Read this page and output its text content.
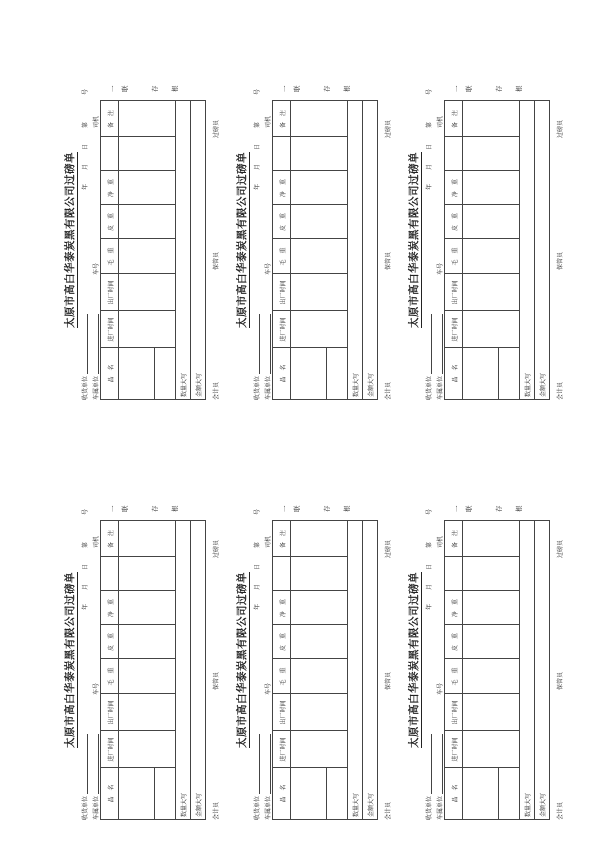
太原市高白华泰炭黑有限公司过磅单
收货单位
年
月
日
第
号
车属单位
车号
司机
品　名
进厂时间
出厂时间
毛　重
皮　重
净　重
备　注
数量大写	金额大写	会计员
保管员
过磅员
一 联	存 根
太原市高白华泰炭黑有限公司过磅单
收货单位
年
月
日
第
号
车属单位
车号
司机
品　名
进厂时间
出厂时间
毛　重
皮　重
净　重
备　注
数量大写	金额大写	会计员
保管员
过磅员
一 联	存 根
太原市高白华泰炭黑有限公司过磅单
收货单位
年
月
日
第
号
车属单位
车号
司机
品　名
进厂时间
出厂时间
毛　重
皮　重
净　重
备　注
数量大写	金额大写	会计员
保管员
过磅员
一 联	存 根
太原市高白华泰炭黑有限公司过磅单
收货单位
年
月
日
第
号
车属单位
车号
司机
品　名
进厂时间
出厂时间
毛　重
皮　重
净　重
备　注
数量大写	金额大写	会计员
保管员
过磅员
一 联	存 根
太原市高白华泰炭黑有限公司过磅单
收货单位
年
月
日
第
号
车属单位
车号
司机
品　名
进厂时间
出厂时间
毛　重
皮　重
净　重
备　注
数量大写	金额大写	会计员
保管员
过磅员
一 联	存 根
太原市高白华泰炭黑有限公司过磅单
收货单位
年
月
日
第
号
车属单位
车号
司机
品　名
进厂时间
出厂时间
毛　重
皮　重
净　重
备　注
数量大写	金额大写	会计员
保管员
过磅员
一 联	存 根
